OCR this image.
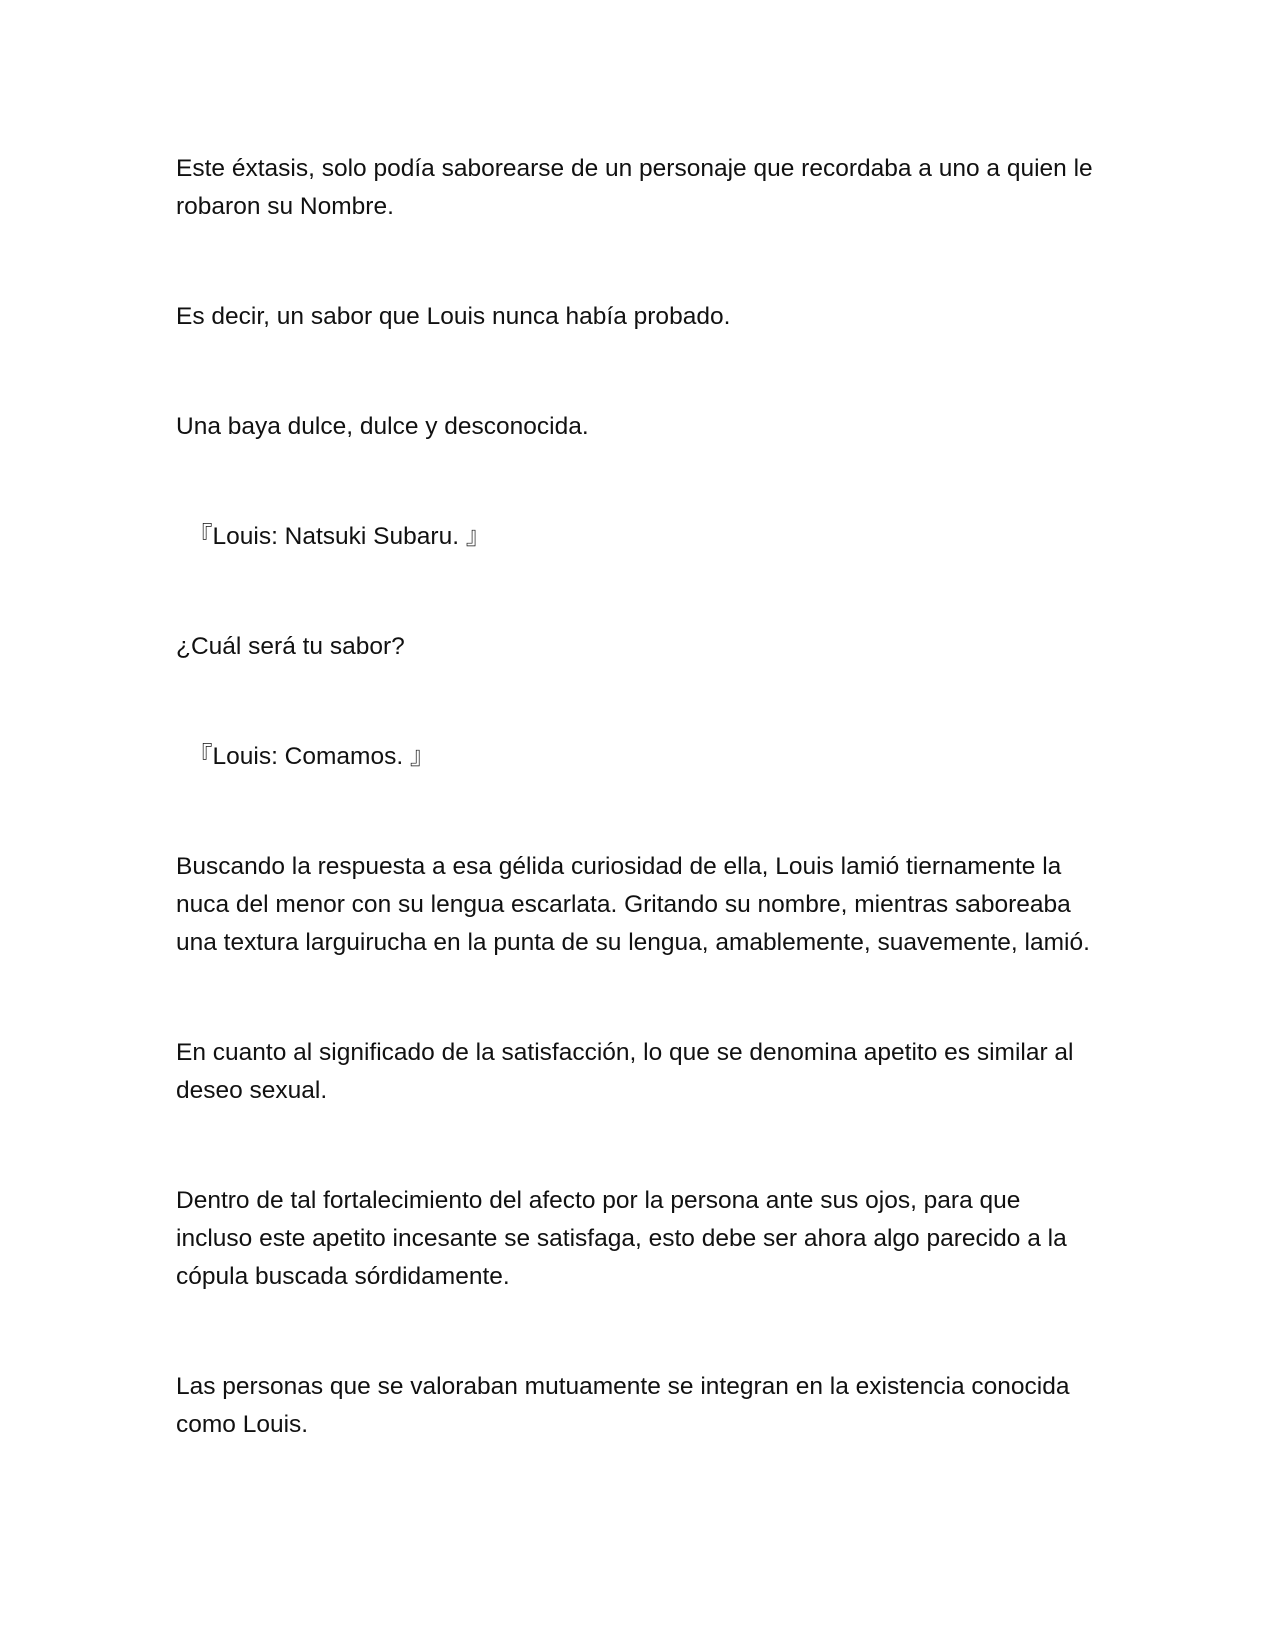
Este éxtasis, solo podía saborearse de un personaje que recordaba a uno a quien le robaron su Nombre.

Es decir, un sabor que Louis nunca había probado.

Una baya dulce, dulce y desconocida.

『Louis: Natsuki Subaru. 』

¿Cuál será tu sabor?

『Louis: Comamos. 』

Buscando la respuesta a esa gélida curiosidad de ella, Louis lamió tiernamente la nuca del menor con su lengua escarlata. Gritando su nombre, mientras saboreaba una textura larguirucha en la punta de su lengua, amablemente, suavemente, lamió.

En cuanto al significado de la satisfacción, lo que se denomina apetito es similar al deseo sexual.

Dentro de tal fortalecimiento del afecto por la persona ante sus ojos, para que incluso este apetito incesante se satisfaga, esto debe ser ahora algo parecido a la cópula buscada sórdidamente.

Las personas que se valoraban mutuamente se integran en la existencia conocida como Louis.
